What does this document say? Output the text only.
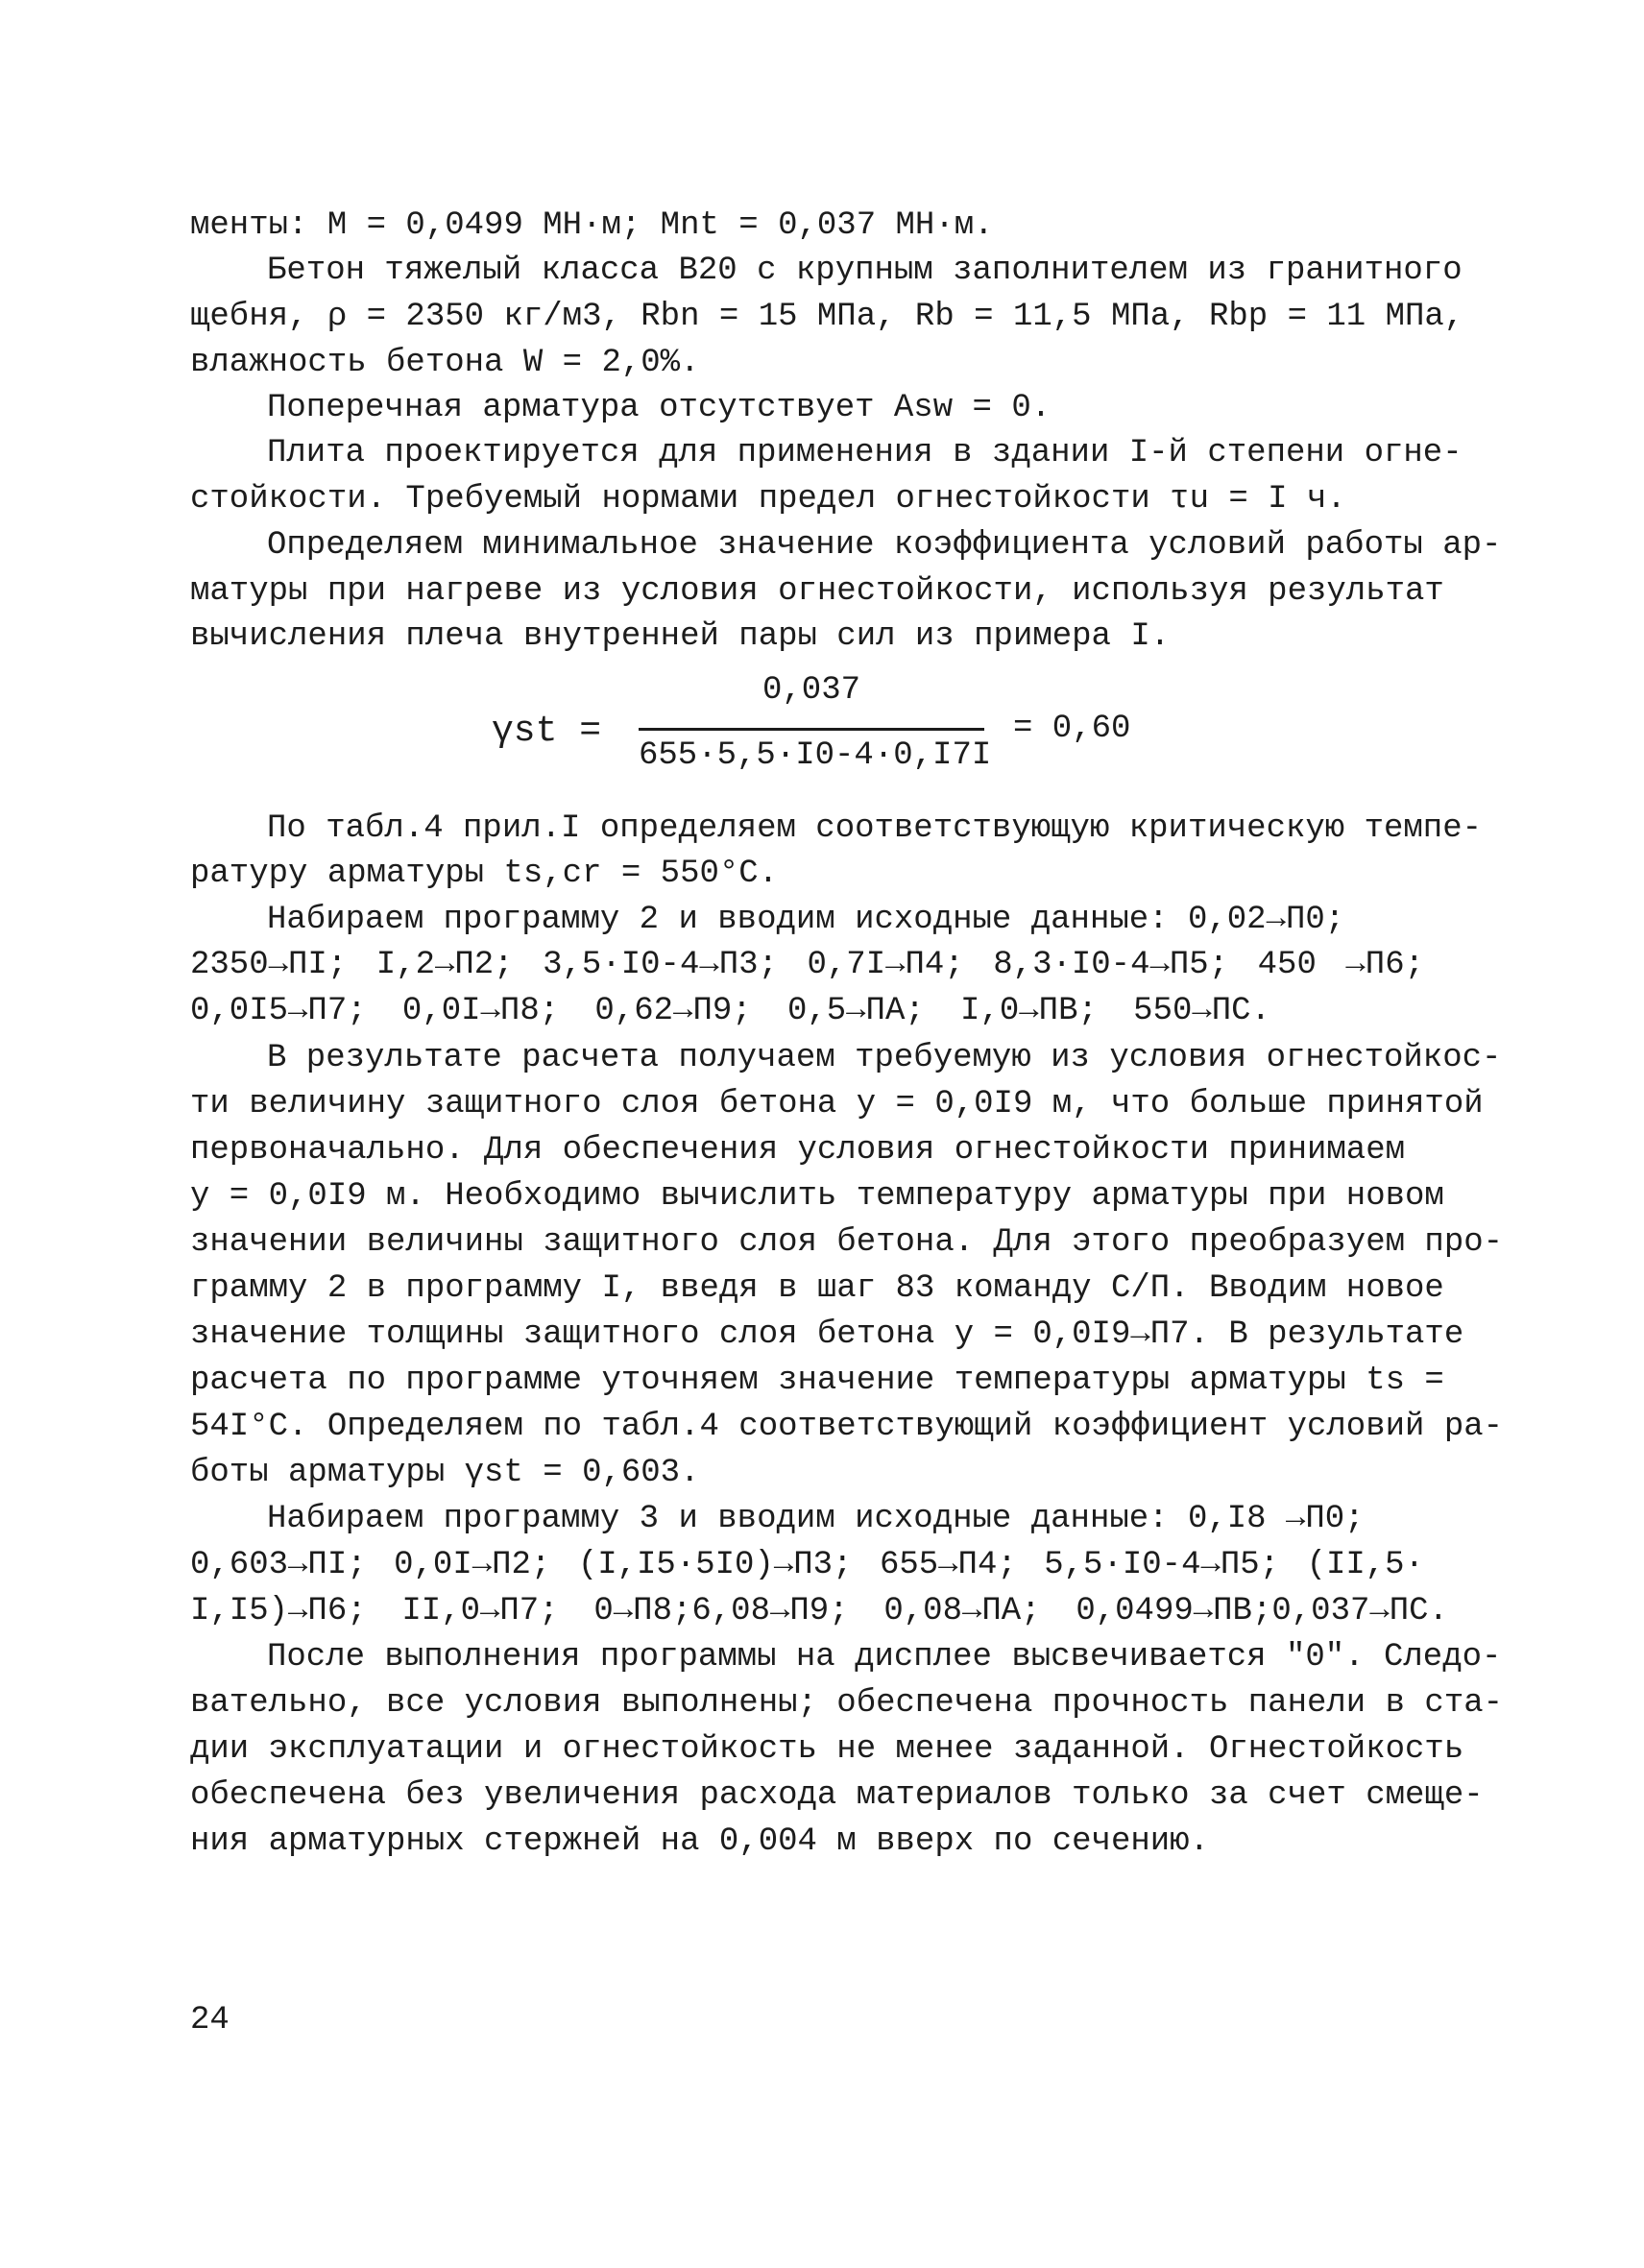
менты: М = 0,0499 МН·м; Мnt = 0,037 МН·м.
Бетон тяжелый класса В20 с крупным заполнителем из гранитного
щебня, ρ = 2350 кг/м3, Rbn = 15 МПа, Rb = 11,5 МПа, Rbp = 11 МПа,
влажность бетона W = 2,0%.
Поперечная арматура отсутствует Asw = 0.
Плита проектируется для применения в здании I-й степени огне-
стойкости. Требуемый нормами предел огнестойкости τu = I ч.
Определяем минимальное значение коэффициента условий работы ар-
матуры при нагреве из условия огнестойкости, используя результат
вычисления плеча внутренней пары сил из примера I.
γst =
0,037
655·5,5·I0-4·0,I7I
= 0,60
По табл.4 прил.I определяем соответствующую критическую темпе-
ратуру арматуры ts,cr = 550°С.
Набираем программу 2 и вводим исходные данные: 0,02→П0;
2350→ПI; I,2→П2; 3,5·I0-4→П3; 0,7I→П4; 8,3·I0-4→П5; 450 →П6;
0,0I5→П7; 0,0I→П8; 0,62→П9; 0,5→ПА; I,0→ПВ; 550→ПС.
В результате расчета получаем требуемую из условия огнестойкос-
ти величину защитного слоя бетона y = 0,0I9 м, что больше принятой
первоначально. Для обеспечения условия огнестойкости принимаем
y = 0,0I9 м. Необходимо вычислить температуру арматуры при новом
значении величины защитного слоя бетона. Для этого преобразуем про-
грамму 2 в программу I, введя в шаг 83 команду С/П. Вводим новое
значение толщины защитного слоя бетона y = 0,0I9→П7. В результате
расчета по программе уточняем значение температуры арматуры ts =
54I°С. Определяем по табл.4 соответствующий коэффициент условий ра-
боты арматуры γst = 0,603.
Набираем программу 3 и вводим исходные данные: 0,I8 →П0;
0,603→ПI; 0,0I→П2; (I,I5·5I0)→П3; 655→П4; 5,5·I0-4→П5; (II,5·
I,I5)→П6; II,0→П7; 0→П8;6,08→П9; 0,08→ПА; 0,0499→ПВ;0,037→ПС.
После выполнения программы на дисплее высвечивается "0". Следо-
вательно, все условия выполнены; обеспечена прочность панели в ста-
дии эксплуатации и огнестойкость не менее заданной. Огнестойкость
обеспечена без увеличения расхода материалов только за счет смеще-
ния арматурных стержней на 0,004 м вверх по сечению.
24
